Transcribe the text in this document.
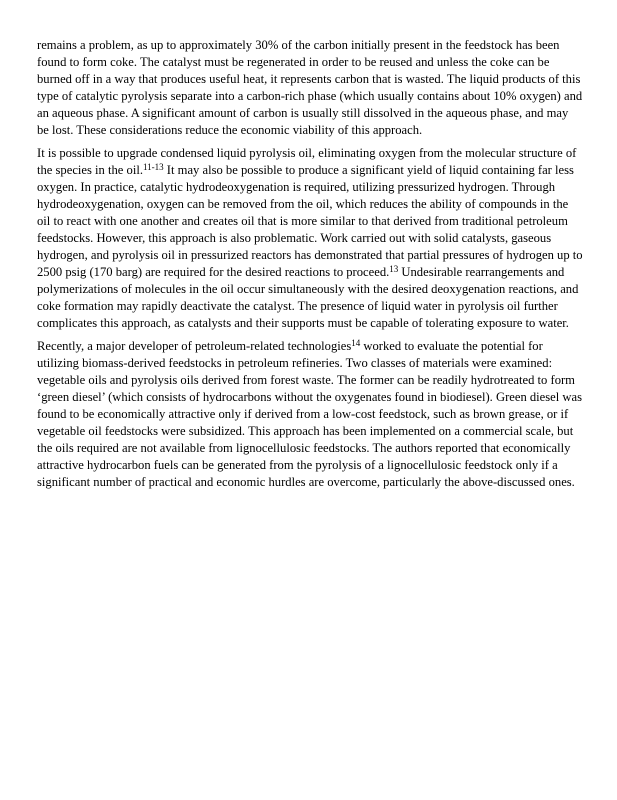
remains a problem, as up to approximately 30% of the carbon initially present in the feedstock has been found to form coke. The catalyst must be regenerated in order to be reused and unless the coke can be burned off in a way that produces useful heat, it represents carbon that is wasted. The liquid products of this type of catalytic pyrolysis separate into a carbon-rich phase (which usually contains about 10% oxygen) and an aqueous phase. A significant amount of carbon is usually still dissolved in the aqueous phase, and may be lost. These considerations reduce the economic viability of this approach.

It is possible to upgrade condensed liquid pyrolysis oil, eliminating oxygen from the molecular structure of the species in the oil.$^{11-13}$ It may also be possible to produce a significant yield of liquid containing far less oxygen. In practice, catalytic hydrodeoxygenation is required, utilizing pressurized hydrogen. Through hydrodeoxygenation, oxygen can be removed from the oil, which reduces the ability of compounds in the oil to react with one another and creates oil that is more similar to that derived from traditional petroleum feedstocks. However, this approach is also problematic. Work carried out with solid catalysts, gaseous hydrogen, and pyrolysis oil in pressurized reactors has demonstrated that partial pressures of hydrogen up to 2500 psig (170 barg) are required for the desired reactions to proceed.$^{13}$ Undesirable rearrangements and polymerizations of molecules in the oil occur simultaneously with the desired deoxygenation reactions, and coke formation may rapidly deactivate the catalyst. The presence of liquid water in pyrolysis oil further complicates this approach, as catalysts and their supports must be capable of tolerating exposure to water.

Recently, a major developer of petroleum-related technologies$^{14}$ worked to evaluate the potential for utilizing biomass-derived feedstocks in petroleum refineries. Two classes of materials were examined: vegetable oils and pyrolysis oils derived from forest waste. The former can be readily hydrotreated to form ‘green diesel’ (which consists of hydrocarbons without the oxygenates found in biodiesel). Green diesel was found to be economically attractive only if derived from a low-cost feedstock, such as brown grease, or if vegetable oil feedstocks were subsidized. This approach has been implemented on a commercial scale, but the oils required are not available from lignocellulosic feedstocks. The authors reported that economically attractive hydrocarbon fuels can be generated from the pyrolysis of a lignocellulosic feedstock only if a significant number of practical and economic hurdles are overcome, particularly the above-discussed ones.
